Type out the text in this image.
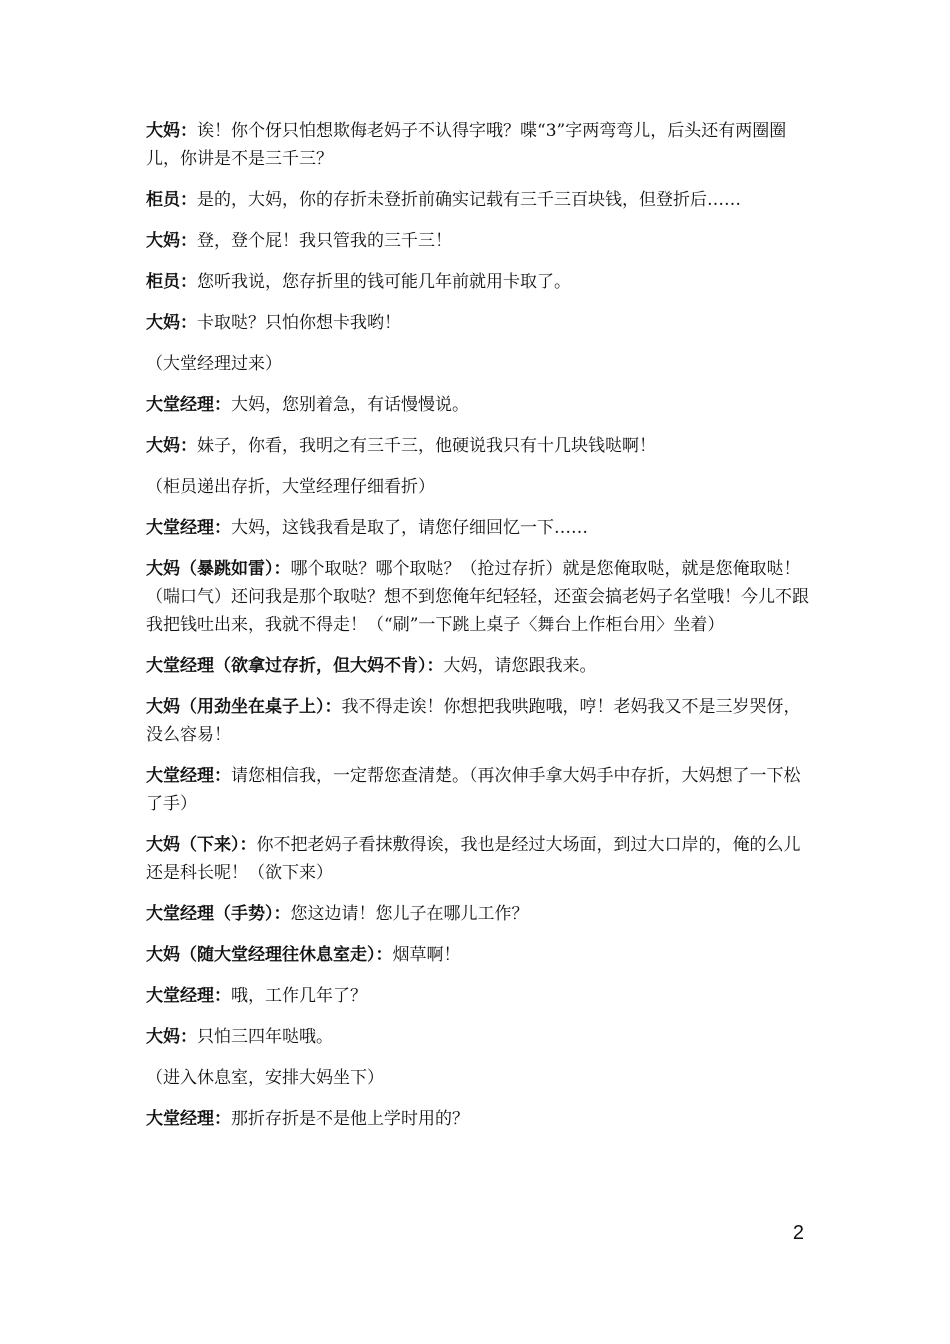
大妈：诶！你个伢只怕想欺侮老妈子不认得字哦？喋“3”字两弯弯儿，后头还有两圈圈儿，你讲是不是三千三？

柜员：是的，大妈，你的存折未登折前确实记载有三千三百块钱，但登折后……

大妈：登，登个屁！我只管我的三千三！

柜员：您听我说，您存折里的钱可能几年前就用卡取了。

大妈：卡取哒？只怕你想卡我哟！

（大堂经理过来）

大堂经理：大妈，您别着急，有话慢慢说。

大妈：妹子，你看，我明之有三千三，他硬说我只有十几块钱哒啊！

（柜员递出存折，大堂经理仔细看折）

大堂经理：大妈，这钱我看是取了，请您仔细回忆一下……

大妈（暴跳如雷）：哪个取哒？哪个取哒？（抢过存折）就是您俺取哒，就是您俺取哒！（喘口气）还问我是那个取哒？想不到您俺年纪轻轻，还蛮会搞老妈子名堂哦！今儿不跟我把钱吐出来，我就不得走！（“刷”一下跳上桌子〈舞台上作柜台用〉坐着）

大堂经理（欲拿过存折，但大妈不肯）：大妈，请您跟我来。

大妈（用劲坐在桌子上）：我不得走诶！你想把我哄跑哦，哼！老妈我又不是三岁哭伢，没么容易！

大堂经理：请您相信我，一定帮您查清楚。（再次伸手拿大妈手中存折，大妈想了一下松了手）

大妈（下来）：你不把老妈子看抹敷得诶，我也是经过大场面，到过大口岸的，俺的么儿还是科长呢！（欲下来）

大堂经理（手势）：您这边请！您儿子在哪儿工作？

大妈（随大堂经理往休息室走）：烟草啊！

大堂经理：哦，工作几年了？

大妈：只怕三四年哒哦。

（进入休息室，安排大妈坐下）

大堂经理：那折存折是不是他上学时用的？

2
